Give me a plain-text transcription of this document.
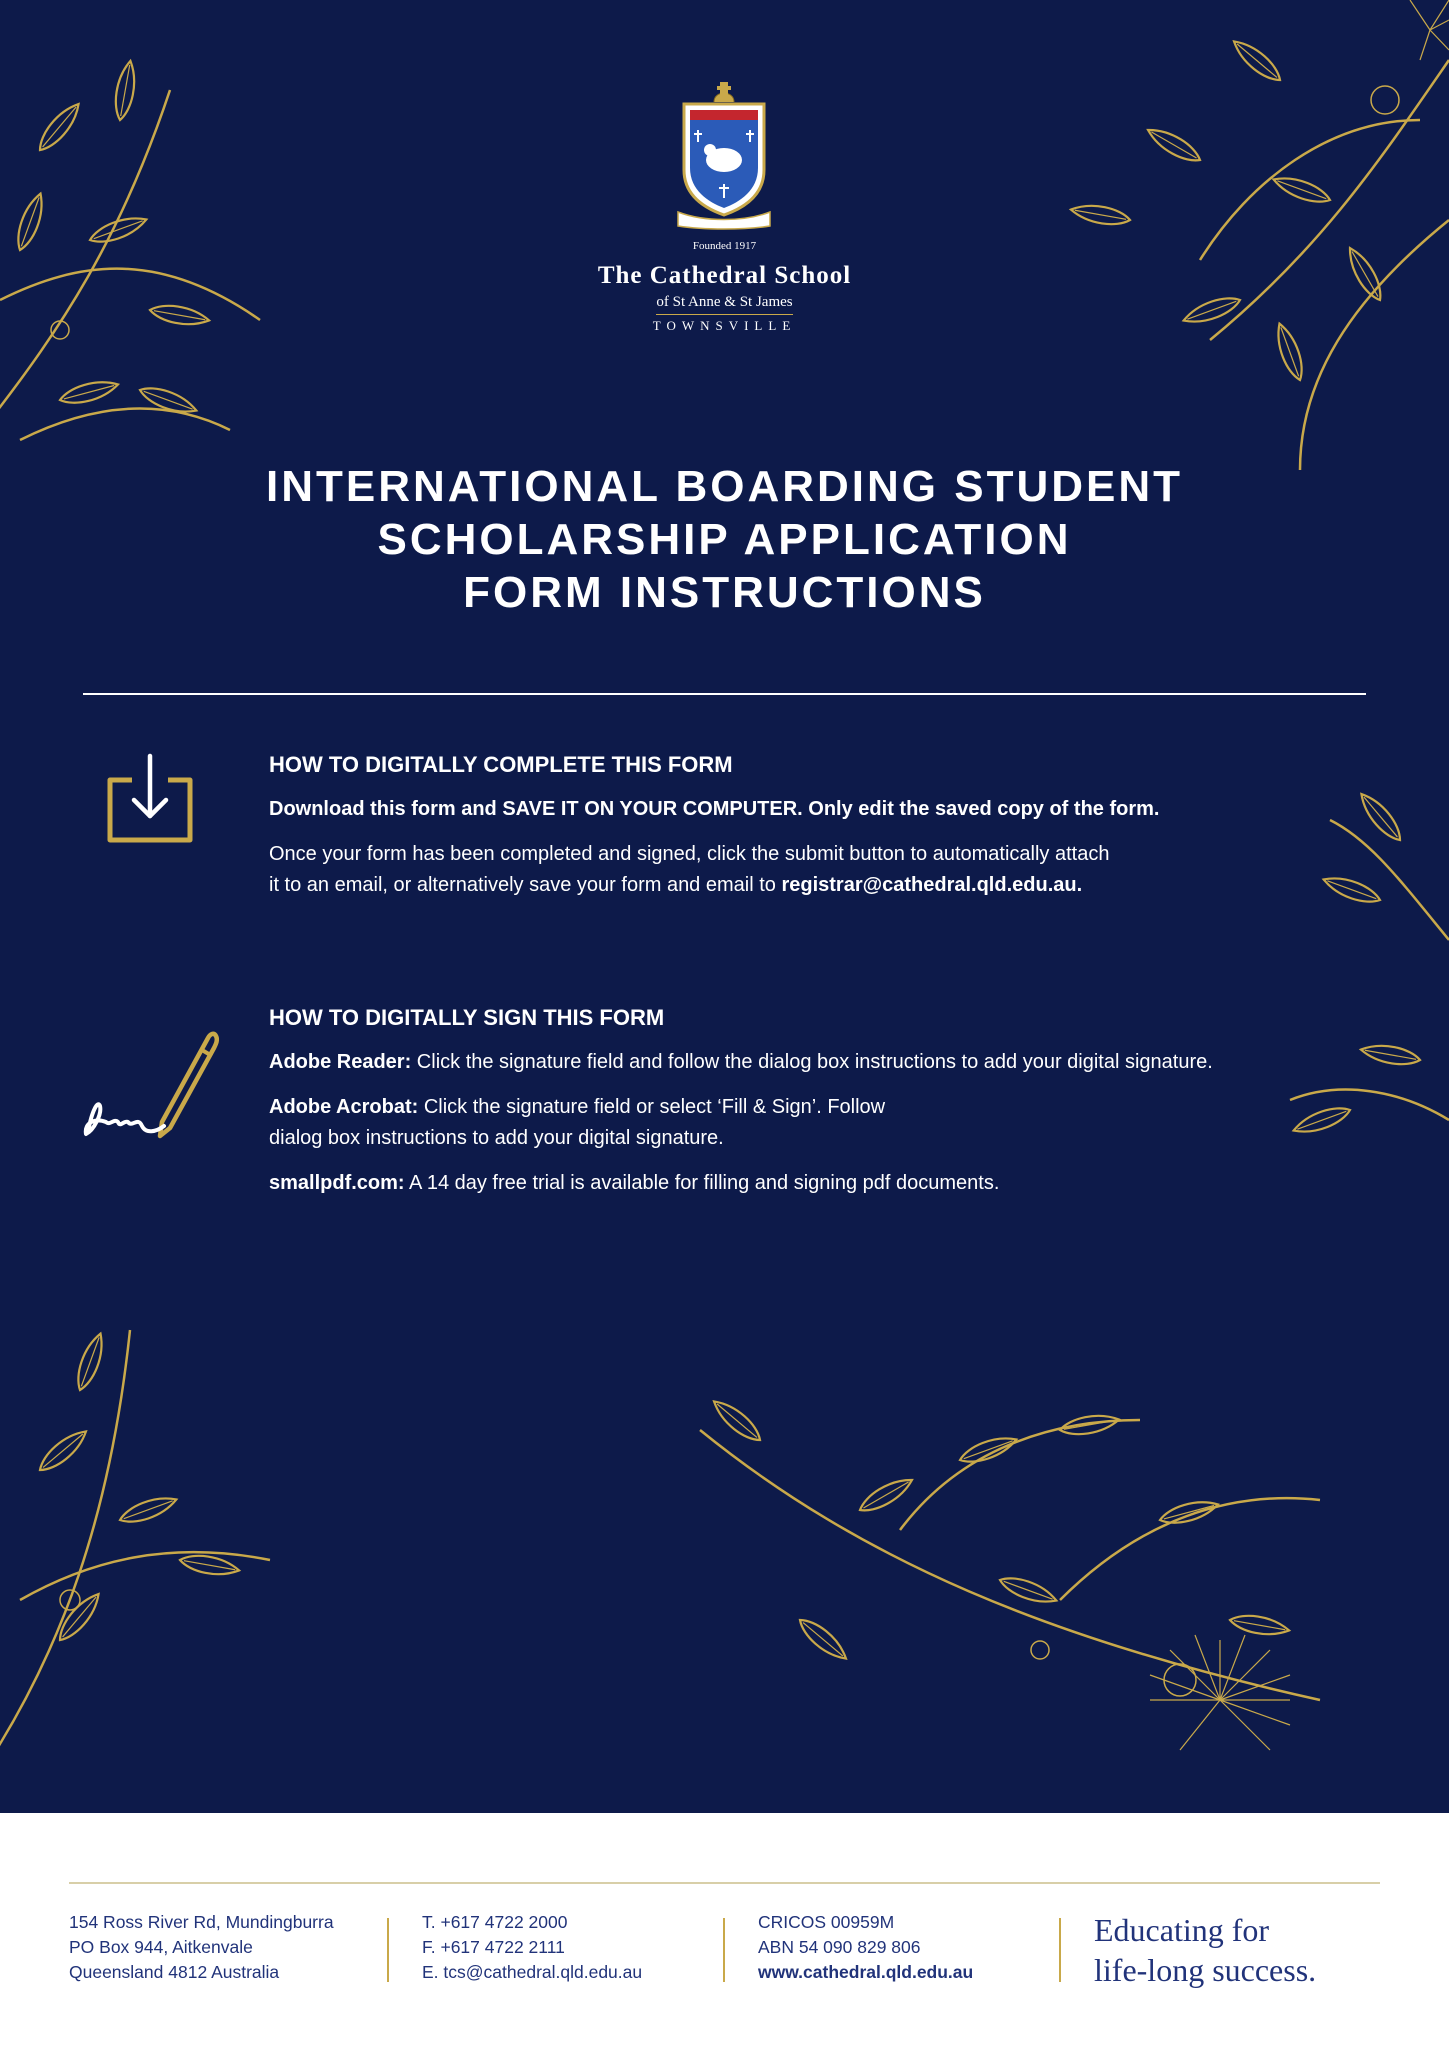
Founded 1917
The Cathedral School
of St Anne & St James
TOWNSVILLE
INTERNATIONAL BOARDING STUDENT
SCHOLARSHIP APPLICATION
FORM INSTRUCTIONS
HOW TO DIGITALLY COMPLETE THIS FORM
Download this form and SAVE IT ON YOUR COMPUTER. Only edit the saved copy of the form.
Once your form has been completed and signed, click the submit button to automatically attach
it to an email, or alternatively save your form and email to registrar@cathedral.qld.edu.au.
HOW TO DIGITALLY SIGN THIS FORM
Adobe Reader: Click the signature field and follow the dialog box instructions to add your digital signature.
Adobe Acrobat: Click the signature field or select ‘Fill & Sign’. Follow
dialog box instructions to add your digital signature.
smallpdf.com: A 14 day free trial is available for filling and signing pdf documents.
154 Ross River Rd, Mundingburra
PO Box 944, Aitkenvale
Queensland 4812 Australia
T. +617 4722 2000
F. +617 4722 2111
E. tcs@cathedral.qld.edu.au
CRICOS 00959M
ABN 54 090 829 806
www.cathedral.qld.edu.au
Educating for
life-long success.
